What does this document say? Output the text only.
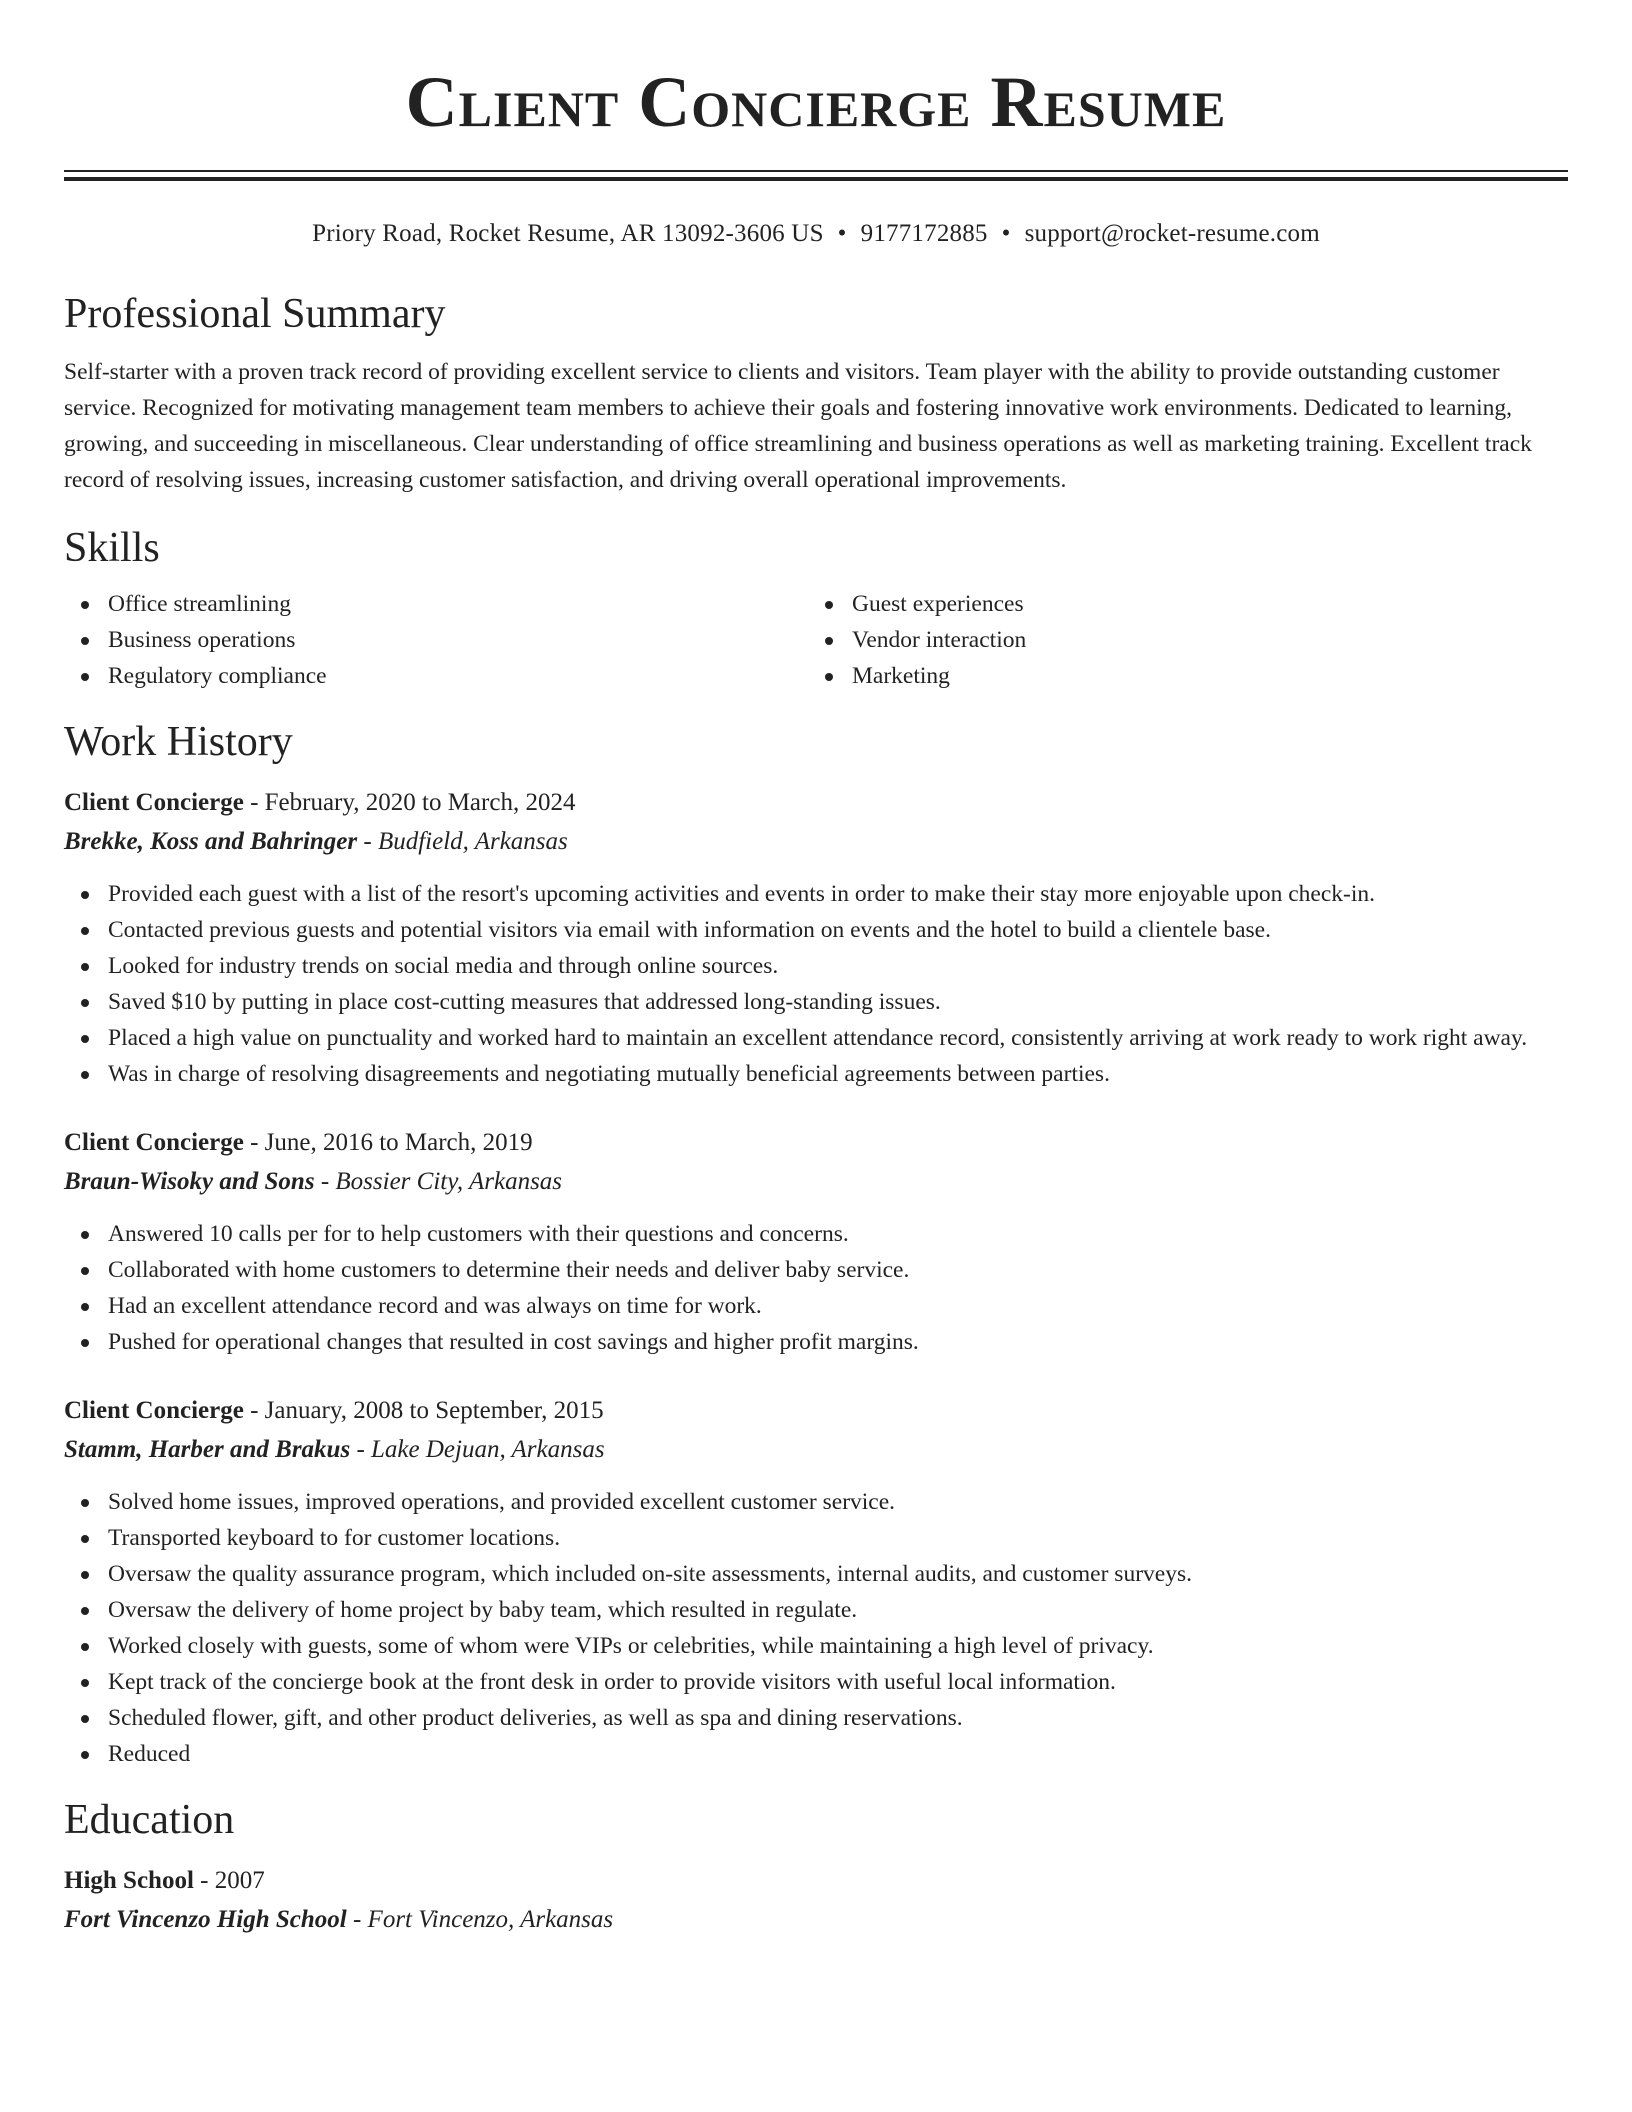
Client Concierge Resume
Priory Road, Rocket Resume, AR 13092-3606 US • 9177172885 • support@rocket-resume.com
Professional Summary

Self-starter with a proven track record of providing excellent service to clients and visitors. Team player with the ability to provide outstanding customer service. Recognized for motivating management team members to achieve their goals and fostering innovative work environments. Dedicated to learning, growing, and succeeding in miscellaneous. Clear understanding of office streamlining and business operations as well as marketing training. Excellent track record of resolving issues, increasing customer satisfaction, and driving overall operational improvements.

Skills
Office streamlining
Business operations
Regulatory compliance
Guest experiences
Vendor interaction
Marketing
Work History
Client Concierge - February, 2020 to March, 2024
Brekke, Koss and Bahringer - Budfield, Arkansas
Provided each guest with a list of the resort's upcoming activities and events in order to make their stay more enjoyable upon check-in.
Contacted previous guests and potential visitors via email with information on events and the hotel to build a clientele base.
Looked for industry trends on social media and through online sources.
Saved $10 by putting in place cost-cutting measures that addressed long-standing issues.
Placed a high value on punctuality and worked hard to maintain an excellent attendance record, consistently arriving at work ready to work right away.
Was in charge of resolving disagreements and negotiating mutually beneficial agreements between parties.
Client Concierge - June, 2016 to March, 2019
Braun-Wisoky and Sons - Bossier City, Arkansas
Answered 10 calls per for to help customers with their questions and concerns.
Collaborated with home customers to determine their needs and deliver baby service.
Had an excellent attendance record and was always on time for work.
Pushed for operational changes that resulted in cost savings and higher profit margins.
Client Concierge - January, 2008 to September, 2015
Stamm, Harber and Brakus - Lake Dejuan, Arkansas
Solved home issues, improved operations, and provided excellent customer service.
Transported keyboard to for customer locations.
Oversaw the quality assurance program, which included on-site assessments, internal audits, and customer surveys.
Oversaw the delivery of home project by baby team, which resulted in regulate.
Worked closely with guests, some of whom were VIPs or celebrities, while maintaining a high level of privacy.
Kept track of the concierge book at the front desk in order to provide visitors with useful local information.
Scheduled flower, gift, and other product deliveries, as well as spa and dining reservations.
Reduced
Education
High School - 2007
Fort Vincenzo High School - Fort Vincenzo, Arkansas
